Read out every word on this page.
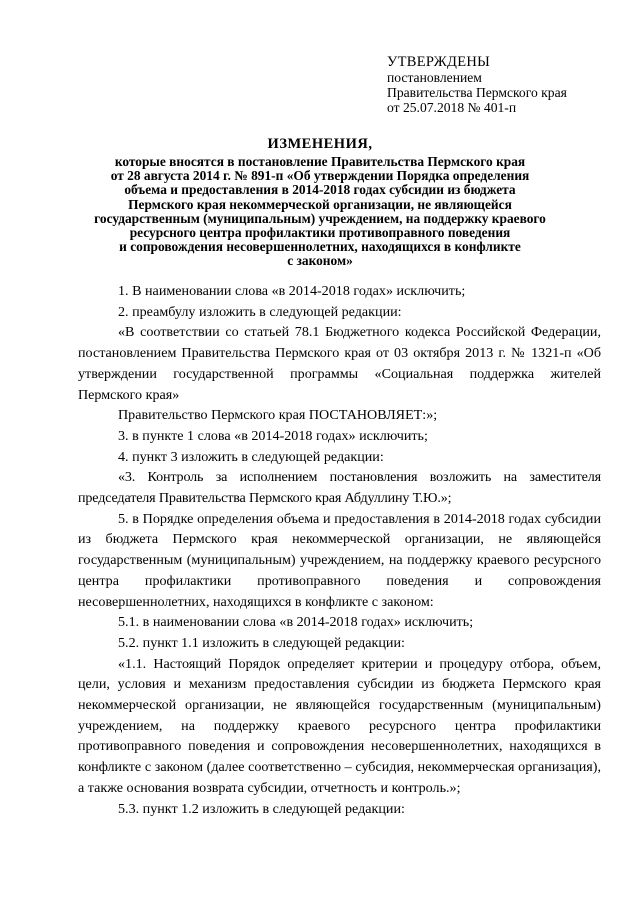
УТВЕРЖДЕНЫ
постановлением
Правительства Пермского края
от 25.07.2018 № 401-п
ИЗМЕНЕНИЯ,
которые вносятся в постановление Правительства Пермского края
от 28 августа 2014 г. № 891-п «Об утверждении Порядка определения
объема и предоставления в 2014-2018 годах субсидии из бюджета
Пермского края некоммерческой организации, не являющейся
государственным (муниципальным) учреждением, на поддержку краевого
ресурсного центра профилактики противоправного поведения
и сопровождения несовершеннолетних, находящихся в конфликте
с законом»

1. В наименовании слова «в 2014-2018 годах» исключить;

2. преамбулу изложить в следующей редакции:

«В соответствии со статьей 78.1 Бюджетного кодекса Российской Федерации, постановлением Правительства Пермского края от 03 октября 2013 г. № 1321-п «Об утверждении государственной программы «Социальная поддержка жителей Пермского края»

Правительство Пермского края ПОСТАНОВЛЯЕТ:»;

3. в пункте 1 слова «в 2014-2018 годах» исключить;

4. пункт 3 изложить в следующей редакции:

«3. Контроль за исполнением постановления возложить на заместителя председателя Правительства Пермского края Абдуллину Т.Ю.»;

5. в Порядке определения объема и предоставления в 2014-2018 годах субсидии из бюджета Пермского края некоммерческой организации, не являющейся государственным (муниципальным) учреждением, на поддержку краевого ресурсного центра профилактики противоправного поведения и сопровождения несовершеннолетних, находящихся в конфликте с законом:

5.1. в наименовании слова «в 2014-2018 годах» исключить;

5.2. пункт 1.1 изложить в следующей редакции:

«1.1. Настоящий Порядок определяет критерии и процедуру отбора, объем, цели, условия и механизм предоставления субсидии из бюджета Пермского края некоммерческой организации, не являющейся государственным (муниципальным) учреждением, на поддержку краевого ресурсного центра профилактики противоправного поведения и сопровождения несовершеннолетних, находящихся в конфликте с законом (далее соответственно – субсидия, некоммерческая организация), а также основания возврата субсидии, отчетность и контроль.»;

5.3. пункт 1.2 изложить в следующей редакции:
